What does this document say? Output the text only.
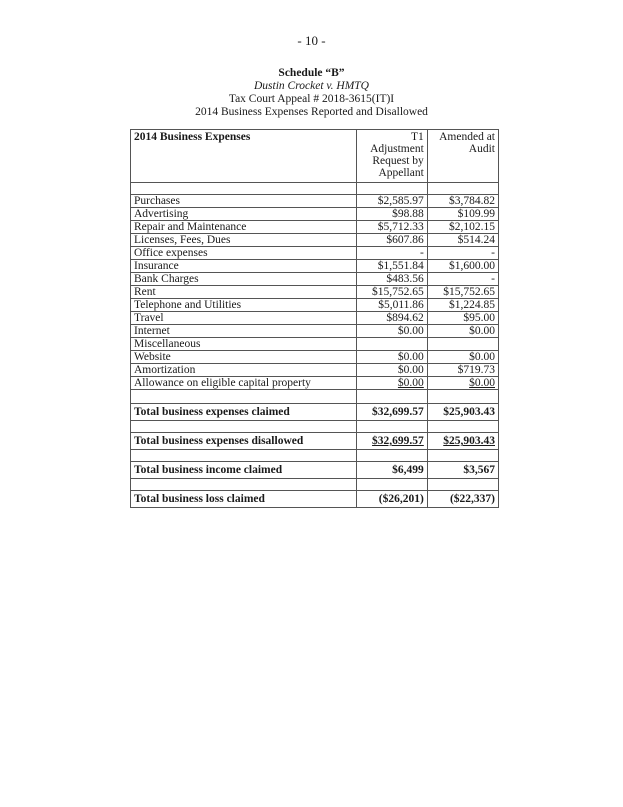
- 10 -
Schedule “B”
Dustin Crocket v. HMTQ
Tax Court Appeal # 2018-3615(IT)I
2014 Business Expenses Reported and Disallowed
2014 Business Expenses	T1 Adjustment Request by Appellant	Amended at Audit

Purchases	$2,585.97	$3,784.82
Advertising	$98.88	$109.99
Repair and Maintenance	$5,712.33	$2,102.15
Licenses, Fees, Dues	$607.86	$514.24
Office expenses	-	-
Insurance	$1,551.84	$1,600.00
Bank Charges	$483.56	-
Rent	$15,752.65	$15,752.65
Telephone and Utilities	$5,011.86	$1,224.85
Travel	$894.62	$95.00
Internet	$0.00	$0.00
Miscellaneous		
Website	$0.00	$0.00
Amortization	$0.00	$719.73
Allowance on eligible capital property	$0.00	$0.00

Total business expenses claimed	$32,699.57	$25,903.43

Total business expenses disallowed	$32,699.57	$25,903.43

Total business income claimed	$6,499	$3,567

Total business loss claimed	($26,201)	($22,337)
